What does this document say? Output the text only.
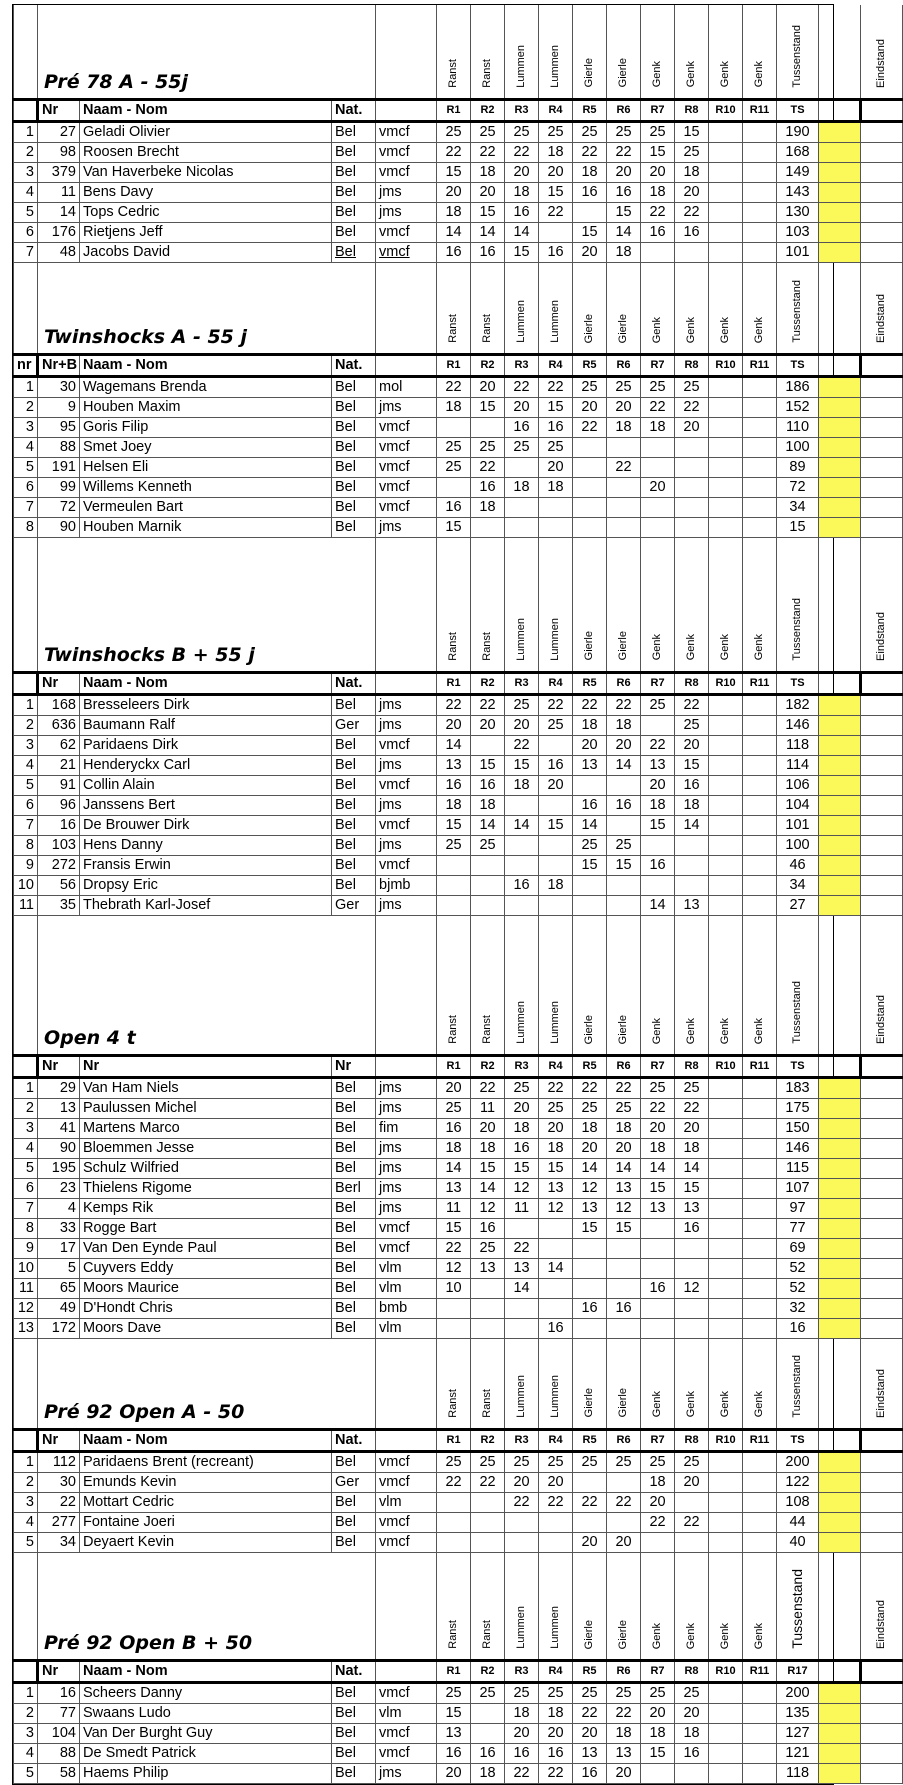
	Pré 78 A - 55j				Ranst	Ranst	Lummen	Lummen	Gierle	Gierle	Genk	Genk	Genk	Genk	Tussenstand		Eindstand
	Nr	Naam - Nom	Nat.		R1	R2	R3	R4	R5	R6	R7	R8	R10	R11	TS		
1	27	Geladi Olivier	Bel	vmcf	25	25	25	25	25	25	25	15			190		
2	98	Roosen Brecht	Bel	vmcf	22	22	22	18	22	22	15	25			168		
3	379	Van Haverbeke Nicolas	Bel	vmcf	15	18	20	20	18	20	20	18			149		
4	11	Bens Davy	Bel	jms	20	20	18	15	16	16	18	20			143		
5	14	Tops Cedric	Bel	jms	18	15	16	22		15	22	22			130		
6	176	Rietjens Jeff	Bel	vmcf	14	14	14		15	14	16	16			103		
7	48	Jacobs David	Bel	vmcf	16	16	15	16	20	18					101		

	Twinshocks A - 55 j				Ranst	Ranst	Lummen	Lummen	Gierle	Gierle	Genk	Genk	Genk	Genk	Tussenstand		Eindstand
nr	Nr+B	Naam - Nom	Nat.		R1	R2	R3	R4	R5	R6	R7	R8	R10	R11	TS		
1	30	Wagemans Brenda	Bel	mol	22	20	22	22	25	25	25	25			186		
2	9	Houben Maxim	Bel	jms	18	15	20	15	20	20	22	22			152		
3	95	Goris Filip	Bel	vmcf			16	16	22	18	18	20			110		
4	88	Smet Joey	Bel	vmcf	25	25	25	25							100		
5	191	Helsen Eli	Bel	vmcf	25	22		20		22					89		
6	99	Willems Kenneth	Bel	vmcf		16	18	18			20				72		
7	72	Vermeulen Bart	Bel	vmcf	16	18									34		
8	90	Houben Marnik	Bel	jms	15										15		

	Twinshocks B + 55 j				Ranst	Ranst	Lummen	Lummen	Gierle	Gierle	Genk	Genk	Genk	Genk	Tussenstand		Eindstand
	Nr	Naam - Nom	Nat.		R1	R2	R3	R4	R5	R6	R7	R8	R10	R11	TS		
1	168	Bresseleers Dirk	Bel	jms	22	22	25	22	22	22	25	22			182		
2	636	Baumann Ralf	Ger	jms	20	20	20	25	18	18		25			146		
3	62	Paridaens Dirk	Bel	vmcf	14		22		20	20	22	20			118		
4	21	Henderyckx Carl	Bel	jms	13	15	15	16	13	14	13	15			114		
5	91	Collin Alain	Bel	vmcf	16	16	18	20			20	16			106		
6	96	Janssens Bert	Bel	jms	18	18			16	16	18	18			104		
7	16	De Brouwer Dirk	Bel	vmcf	15	14	14	15	14		15	14			101		
8	103	Hens Danny	Bel	jms	25	25			25	25					100		
9	272	Fransis Erwin	Bel	vmcf					15	15	16				46		
10	56	Dropsy Eric	Bel	bjmb			16	18							34		
11	35	Thebrath Karl-Josef	Ger	jms							14	13			27		

	Open 4 t				Ranst	Ranst	Lummen	Lummen	Gierle	Gierle	Genk	Genk	Genk	Genk	Tussenstand		Eindstand
	Nr	Nr	Nr		R1	R2	R3	R4	R5	R6	R7	R8	R10	R11	TS		
1	29	Van Ham Niels	Bel	jms	20	22	25	22	22	22	25	25			183		
2	13	Paulussen Michel	Bel	jms	25	11	20	25	25	25	22	22			175		
3	41	Martens Marco	Bel	fim	16	20	18	20	18	18	20	20			150		
4	90	Bloemmen Jesse	Bel	jms	18	18	16	18	20	20	18	18			146		
5	195	Schulz Wilfried	Bel	jms	14	15	15	15	14	14	14	14			115		
6	23	Thielens Rigome	Berl	jms	13	14	12	13	12	13	15	15			107		
7	4	Kemps Rik	Bel	jms	11	12	11	12	13	12	13	13			97		
8	33	Rogge Bart	Bel	vmcf	15	16			15	15		16			77		
9	17	Van Den Eynde Paul	Bel	vmcf	22	25	22								69		
10	5	Cuyvers Eddy	Bel	vlm	12	13	13	14							52		
11	65	Moors Maurice	Bel	vlm	10		14				16	12			52		
12	49	D'Hondt Chris	Bel	bmb					16	16					32		
13	172	Moors Dave	Bel	vlm				16							16		

	Pré 92 Open A - 50				Ranst	Ranst	Lummen	Lummen	Gierle	Gierle	Genk	Genk	Genk	Genk	Tussenstand		Eindstand
	Nr	Naam - Nom	Nat.		R1	R2	R3	R4	R5	R6	R7	R8	R10	R11	TS		
1	112	Paridaens Brent (recreant)	Bel	vmcf	25	25	25	25	25	25	25	25			200		
2	30	Emunds Kevin	Ger	vmcf	22	22	20	20			18	20			122		
3	22	Mottart Cedric	Bel	vlm			22	22	22	22	20				108		
4	277	Fontaine Joeri	Bel	vmcf							22	22			44		
5	34	Deyaert Kevin	Bel	vmcf					20	20					40		

	Pré 92 Open B + 50				Ranst	Ranst	Lummen	Lummen	Gierle	Gierle	Genk	Genk	Genk	Genk	Tussenstand		Eindstand
	Nr	Naam - Nom	Nat.		R1	R2	R3	R4	R5	R6	R7	R8	R10	R11	R17		
1	16	Scheers Danny	Bel	vmcf	25	25	25	25	25	25	25	25			200		
2	77	Swaans Ludo	Bel	vlm	15		18	18	22	22	20	20			135		
3	104	Van Der Burght Guy	Bel	vmcf	13		20	20	20	18	18	18			127		
4	88	De Smedt Patrick	Bel	vmcf	16	16	16	16	13	13	15	16			121		
5	58	Haems Philip	Bel	jms	20	18	22	22	16	20					118		
